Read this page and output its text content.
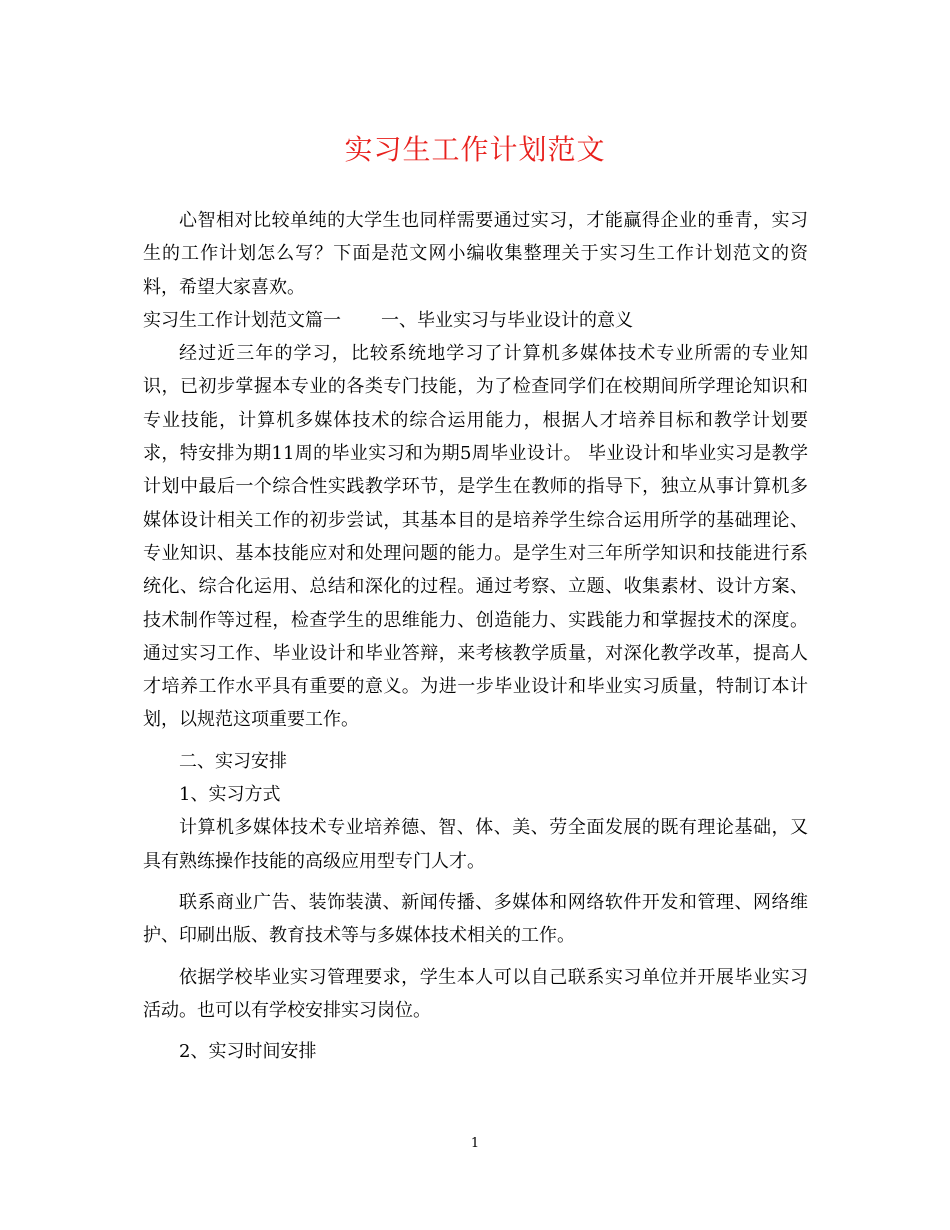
实习生工作计划范文

心智相对比较单纯的大学生也同样需要通过实习，才能赢得企业的垂青，实习生的工作计划怎么写？下面是范文网小编收集整理关于实习生工作计划范文的资料，希望大家喜欢。

实习生工作计划范文篇一 一、毕业实习与毕业设计的意义

经过近三年的学习，比较系统地学习了计算机多媒体技术专业所需的专业知识，已初步掌握本专业的各类专门技能，为了检查同学们在校期间所学理论知识和专业技能，计算机多媒体技术的综合运用能力，根据人才培养目标和教学计划要求，特安排为期11周的毕业实习和为期5周毕业设计。 毕业设计和毕业实习是教学计划中最后一个综合性实践教学环节，是学生在教师的指导下，独立从事计算机多媒体设计相关工作的初步尝试，其基本目的是培养学生综合运用所学的基础理论、专业知识、基本技能应对和处理问题的能力。是学生对三年所学知识和技能进行系统化、综合化运用、总结和深化的过程。通过考察、立题、收集素材、设计方案、技术制作等过程，检查学生的思维能力、创造能力、实践能力和掌握技术的深度。通过实习工作、毕业设计和毕业答辩，来考核教学质量，对深化教学改革，提高人才培养工作水平具有重要的意义。为进一步毕业设计和毕业实习质量，特制订本计划，以规范这项重要工作。

二、实习安排

1、实习方式

计算机多媒体技术专业培养德、智、体、美、劳全面发展的既有理论基础，又具有熟练操作技能的高级应用型专门人才。

联系商业广告、装饰装潢、新闻传播、多媒体和网络软件开发和管理、网络维护、印刷出版、教育技术等与多媒体技术相关的工作。

依据学校毕业实习管理要求，学生本人可以自己联系实习单位并开展毕业实习活动。也可以有学校安排实习岗位。

2、实习时间安排

1
